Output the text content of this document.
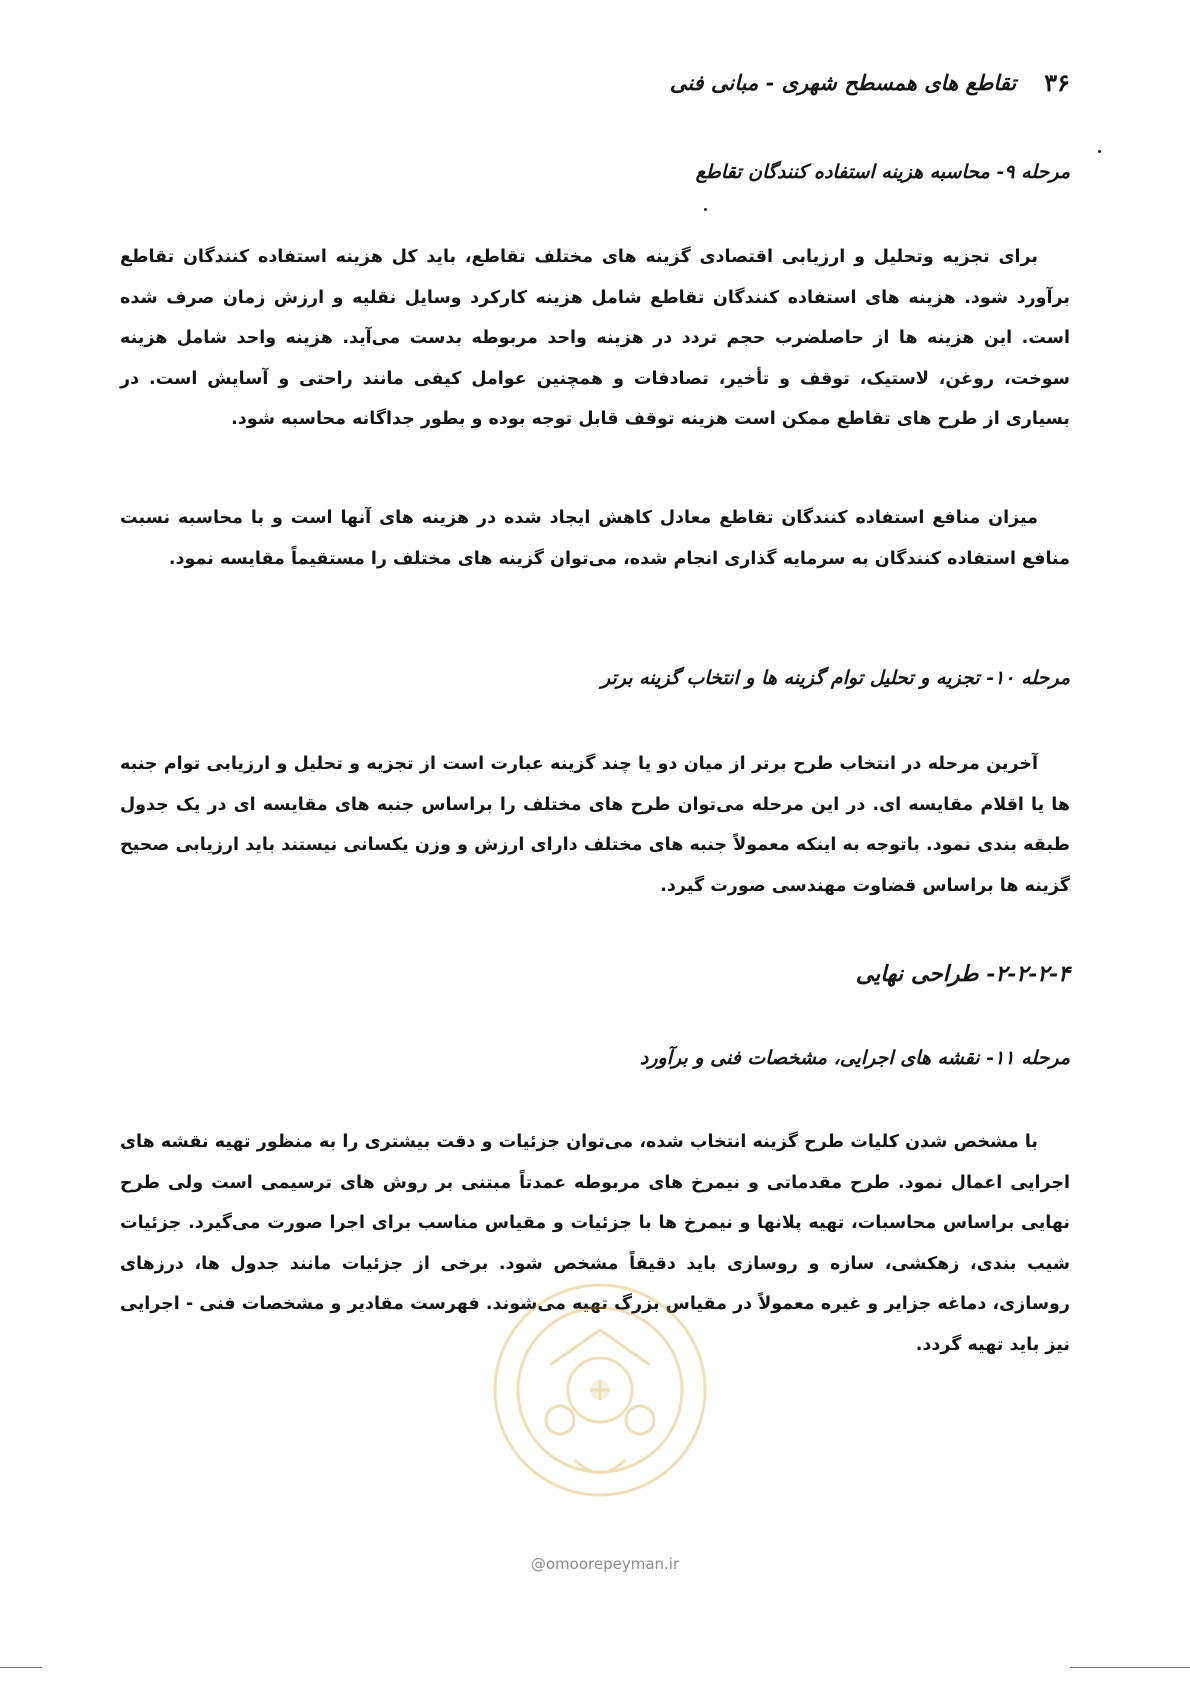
۳۶
تقاطع های همسطح شهری - مبانی فنی
مرحله ۹- محاسبه هزینه استفاده کنندگان تقاطع

برای تجزیه وتحلیل و ارزیابی اقتصادی گزینه های مختلف تقاطع، باید کل هزینه استفاده کنندگان تقاطع برآورد شود. هزینه های استفاده کنندگان تقاطع شامل هزینه کارکرد وسایل نقلیه و ارزش زمان صرف شده است. این هزینه ها از حاصلضرب حجم تردد در هزینه واحد مربوطه بدست می‌آید. هزینه واحد شامل هزینه سوخت، روغن، لاستیک، توقف و تأخیر، تصادفات و همچنین عوامل کیفی مانند راحتی و آسایش است. در بسیاری از طرح های تقاطع ممکن است هزینه توقف قابل توجه بوده و بطور جداگانه محاسبه شود.

میزان منافع استفاده کنندگان تقاطع معادل کاهش ایجاد شده در هزینه های آنها است و با محاسبه نسبت منافع استفاده کنندگان به سرمایه گذاری انجام شده، می‌توان گزینه های مختلف را مستقیماً مقایسه نمود.

مرحله ۱۰- تجزیه و تحلیل توام گزینه ها و انتخاب گزینه برتر

آخرین مرحله در انتخاب طرح برتر از میان دو یا چند گزینه عبارت است از تجزیه و تحلیل و ارزیابی توام جنبه ها یا اقلام مقایسه ای. در این مرحله می‌توان طرح های مختلف را براساس جنبه های مقایسه ای در یک جدول طبقه بندی نمود. باتوجه به اینکه معمولاً جنبه های مختلف دارای ارزش و وزن یکسانی نیستند باید ارزیابی صحیح گزینه ها براساس قضاوت مهندسی صورت گیرد.

۲-۲-۲-۴- طراحی نهایی
مرحله ۱۱- نقشه های اجرایی، مشخصات فنی و برآورد

با مشخص شدن کلیات طرح گزینه انتخاب شده، می‌توان جزئیات و دقت بیشتری را به منظور تهیه نقشه های اجرایی اعمال نمود. طرح مقدماتی و نیمرخ های مربوطه عمدتاً مبتنی بر روش های ترسیمی است ولی طرح نهایی براساس محاسبات، تهیه پلانها و نیمرخ ها با جزئیات و مقیاس مناسب برای اجرا صورت می‌گیرد. جزئیات شیب بندی، زهکشی، سازه و روسازی باید دقیقاً مشخص شود. برخی از جزئیات مانند جدول ها، درزهای روسازی، دماغه جزایر و غیره معمولاً در مقیاس بزرگ تهیه می‌شوند. فهرست مقادیر و مشخصات فنی - اجرایی نیز باید تهیه گردد.

@omoorepeyman.ir
